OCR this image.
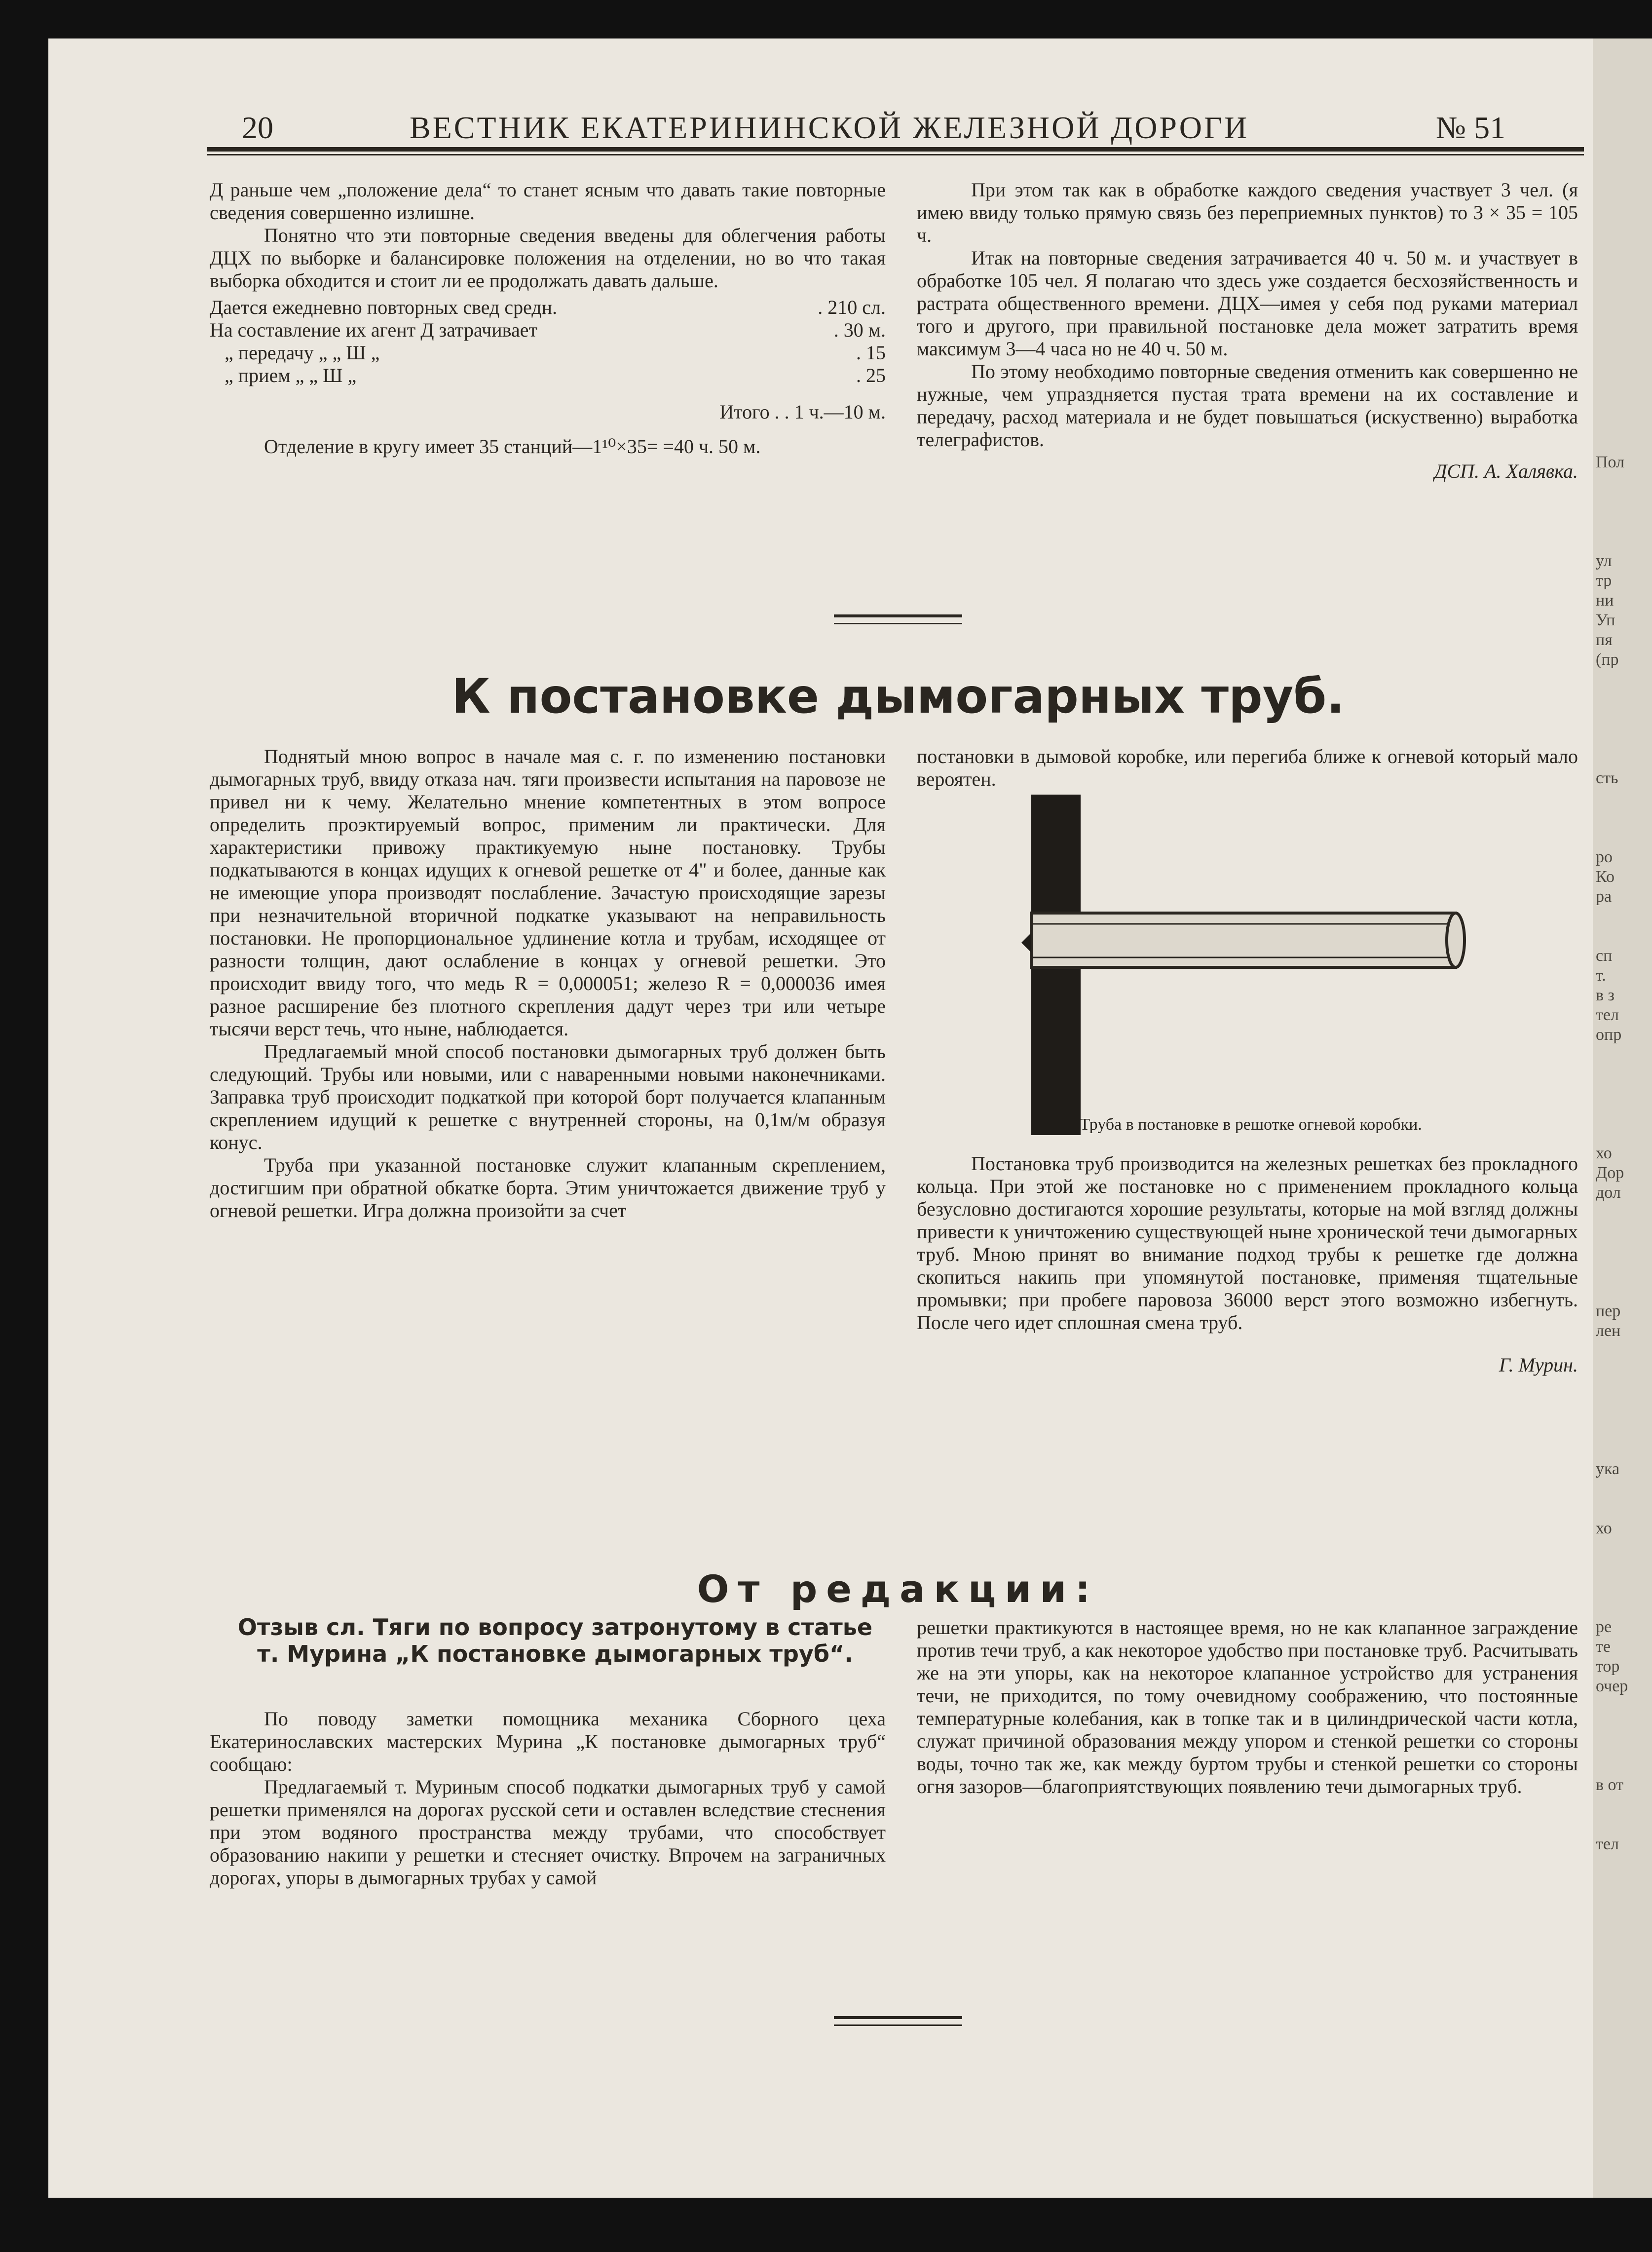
Пол
ул
тр
ни
Уп
пя
(пр
сть
ро
Ко
ра
сп
т.
в з
тел
опр
хо
Дор
дол
пер
лен
ука
хо
ре
те
тор
очер
в от
тел
20	ВЕСТНИК ЕКАТЕРИНИНСКОЙ ЖЕЛЕЗНОЙ ДОРОГИ	№ 51

Д раньше чем „положение дела“ то станет ясным что давать такие повторные сведения совершенно излишне.

Понятно что эти повторные сведения введены для облегчения работы ДЦХ по выборке и балансировке положения на отделении, но во что такая выборка обходится и стоит ли ее продолжать давать дальше.

Дается ежедневно повторных свед средн.	. 210 сл.
На составление их агент Д затрачивает	. 30 м.
„ передачу „ „ Ш „	. 15
„ прием „ „ Ш „	. 25
Итого . . 1 ч.—10 м.

Отделение в кругу имеет 35 станций—1¹⁰×35= =40 ч. 50 м.

При этом так как в обработке каждого сведения участвует 3 чел. (я имею ввиду только прямую связь без переприемных пунктов) то 3 × 35 = 105 ч.

Итак на повторные сведения затрачивается 40 ч. 50 м. и участвует в обработке 105 чел. Я полагаю что здесь уже создается бесхозяйственность и растрата общественного времени. ДЦХ—имея у себя под руками материал того и другого, при правильной постановке дела может затратить время максимум 3—4 часа но не 40 ч. 50 м.

По этому необходимо повторные сведения отменить как совершенно не нужные, чем упраздняется пустая трата времени на их составление и передачу, расход материала и не будет повышаться (искуственно) выработка телеграфистов.

ДСП. А. Халявка.
К постановке дымогарных труб.

Поднятый мною вопрос в начале мая с. г. по изменению постановки дымогарных труб, ввиду отказа нач. тяги произвести испытания на паровозе не привел ни к чему. Желательно мнение компетентных в этом вопросе определить проэктируемый вопрос, применим ли практически. Для характеристики привожу практикуемую ныне постановку. Трубы подкатываются в концах идущих к огневой решетке от 4" и более, данные как не имеющие упора производят послабление. Зачастую происходящие зарезы при незначительной вторичной подкатке указывают на неправильность постановки. Не пропорциональное удлинение котла и трубам, исходящее от разности толщин, дают ослабление в концах у огневой решетки. Это происходит ввиду того, что медь R = 0,000051; железо R = 0,000036 имея разное расширение без плотного скрепления дадут через три или четыре тысячи верст течь, что ныне, наблюдается.

Предлагаемый мной способ постановки дымогарных труб должен быть следующий. Трубы или новыми, или с наваренными новыми наконечниками. Заправка труб происходит подкаткой при которой борт получается клапанным скреплением идущий к решетке с внутренней стороны, на 0,1м/м образуя конус.

Труба при указанной постановке служит клапанным скреплением, достигшим при обратной обкатке борта. Этим уничтожается движение труб у огневой решетки. Игра должна произойти за счет

постановки в дымовой коробке, или перегиба ближе к огневой который мало вероятен.

Труба в постановке в решотке огневой коробки.

Постановка труб производится на железных решетках без прокладного кольца. При этой же постановке но с применением прокладного кольца безусловно достигаются хорошие результаты, которые на мой взгляд должны привести к уничтожению существующей ныне хронической течи дымогарных труб. Мною принят во внимание подход трубы к решетке где должна скопиться накипь при упомянутой постановке, применяя тщательные промывки; при пробеге паровоза 36000 верст этого возможно избегнуть. После чего идет сплошная смена труб.

Г. Мурин.
От редакции:
Отзыв сл. Тяги по вопросу затронутому в статье т. Мурина „К постановке дымогарных труб“.

По поводу заметки помощника механика Сборного цеха Екатеринославских мастерских Мурина „К постановке дымогарных труб“ сообщаю:

Предлагаемый т. Муриным способ подкатки дымогарных труб у самой решетки применялся на дорогах русской сети и оставлен вследствие стеснения при этом водяного пространства между трубами, что способствует образованию накипи у решетки и стесняет очистку. Впрочем на заграничных дорогах, упоры в дымогарных трубах у самой

решетки практикуются в настоящее время, но не как клапанное заграждение против течи труб, а как некоторое удобство при постановке труб. Расчитывать же на эти упоры, как на некоторое клапанное устройство для устранения течи, не приходится, по тому очевидному соображению, что постоянные температурные колебания, как в топке так и в цилиндрической части котла, служат причиной образования между упором и стенкой решетки со стороны воды, точно так же, как между буртом трубы и стенкой решетки со стороны огня зазоров—благоприятствующих появлению течи дымогарных труб.
